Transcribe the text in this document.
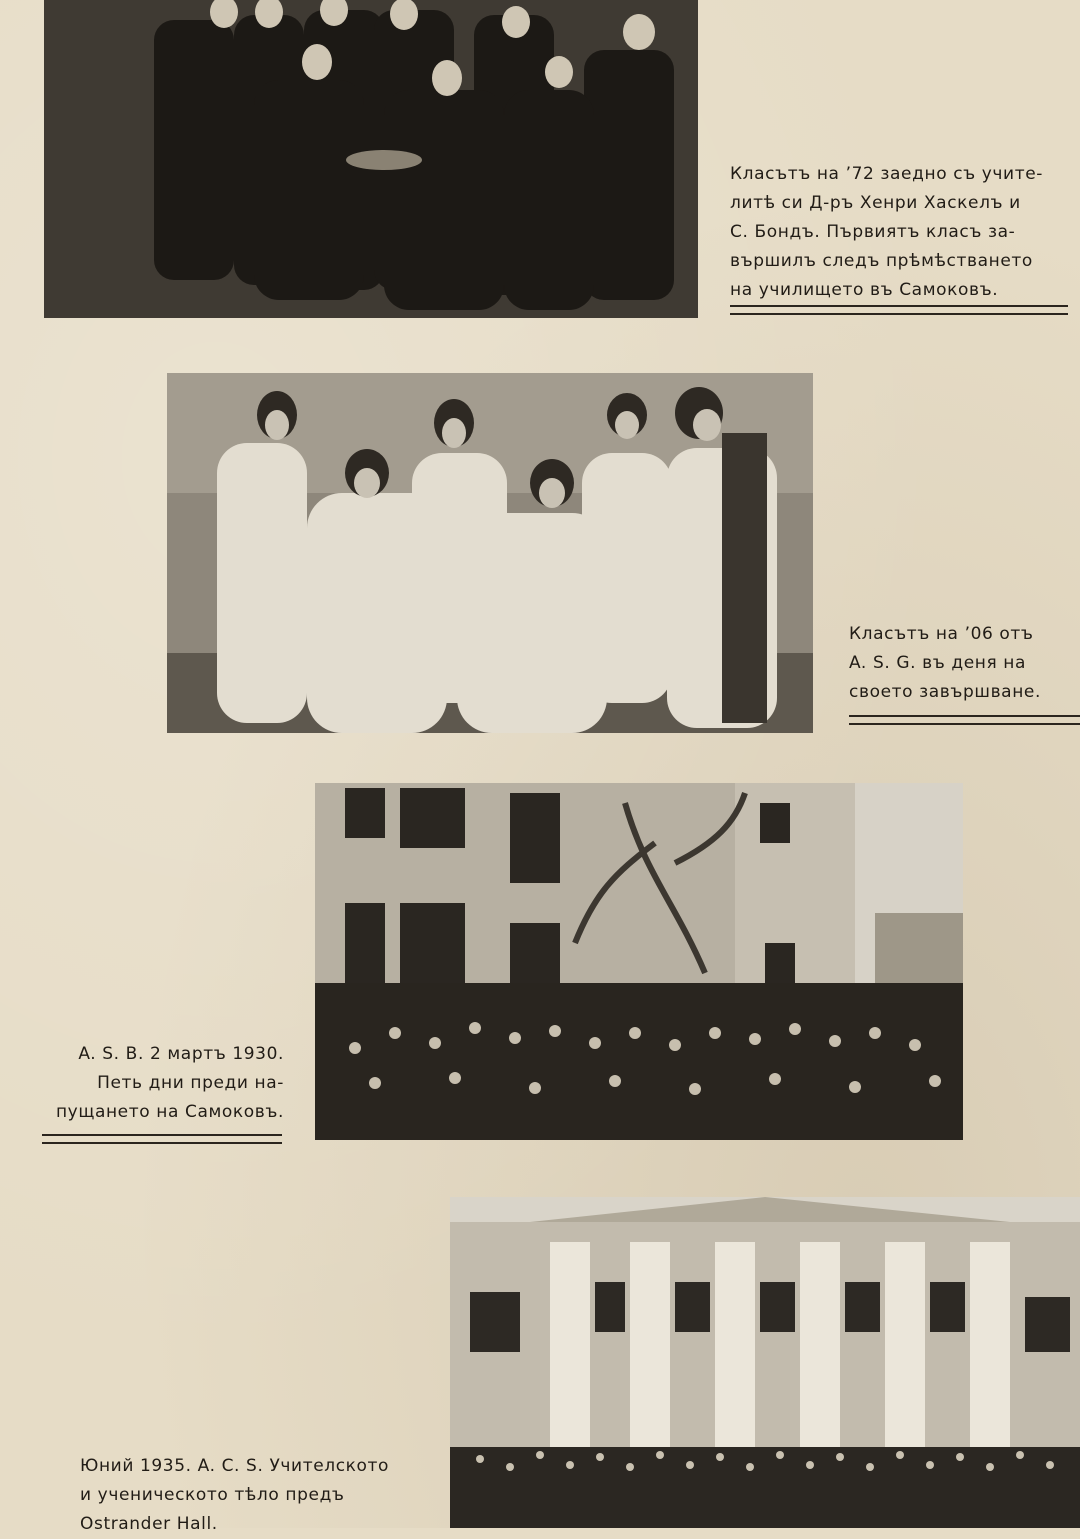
Класътъ на ’72 заедно съ учите-
литѣ си Д-ръ Хенри Хаскелъ и
С. Бондъ. Първиятъ класъ за-
вършилъ следъ прѣмѣстването
на училището въ Самоковъ.
Класътъ на ’06 отъ
A. S. G. въ деня на
своето завършване.
A. S. B. 2 мартъ 1930.
Петь дни преди на-
пущането на Самоковъ.
Юний 1935. A. C. S. Учителското
и ученическото тѣло предъ
Ostrander Hall.
